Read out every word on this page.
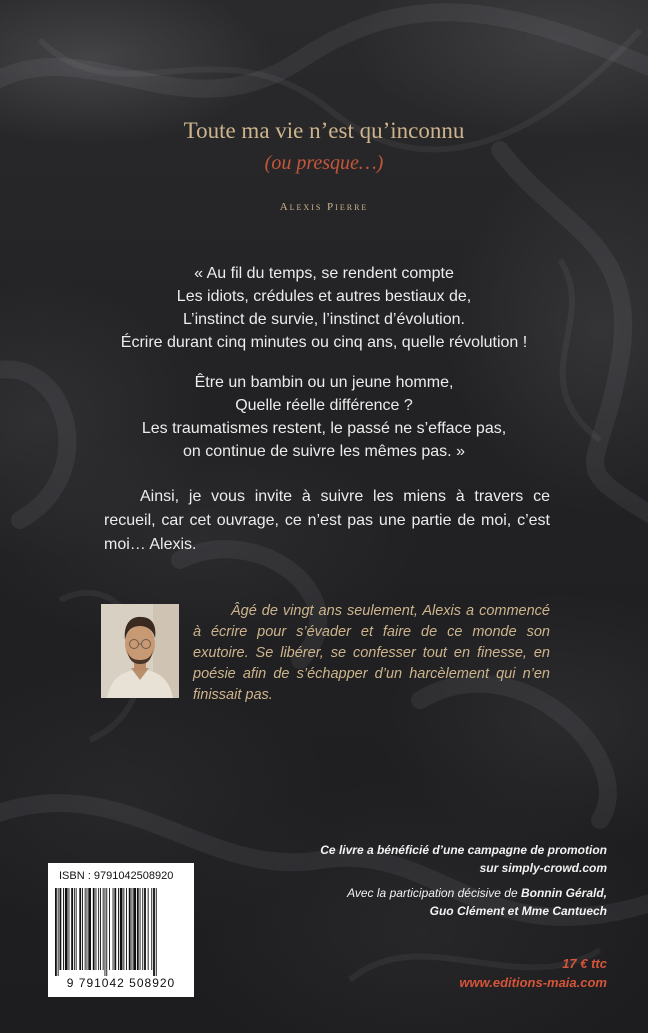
Toute ma vie n’est qu’inconnu
(ou presque…)
Alexis Pierre
« Au fil du temps, se rendent compte
Les idiots, crédules et autres bestiaux de,
L’instinct de survie, l’instinct d’évolution.
Écrire durant cinq minutes ou cinq ans, quelle révolution !
Être un bambin ou un jeune homme,
Quelle réelle différence ?
Les traumatismes restent, le passé ne s’efface pas,
on continue de suivre les mêmes pas. »

Ainsi, je vous invite à suivre les miens à travers ce recueil, car cet ouvrage, ce n’est pas une partie de moi, c’est moi… Alexis.

Âgé de vingt ans seulement, Alexis a commencé à écrire pour s’évader et faire de ce monde son exutoire. Se libérer, se confesser tout en finesse, en poésie afin de s’échapper d’un harcèlement qui n’en finissait pas.

Ce livre a bénéficié d’une campagne de promotion
sur simply-crowd.com
Avec la participation décisive de Bonnin Gérald,
Guo Clément et Mme Cantuech
17 € ttc
www.editions-maia.com
ISBN : 9791042508920
9 791042 508920
